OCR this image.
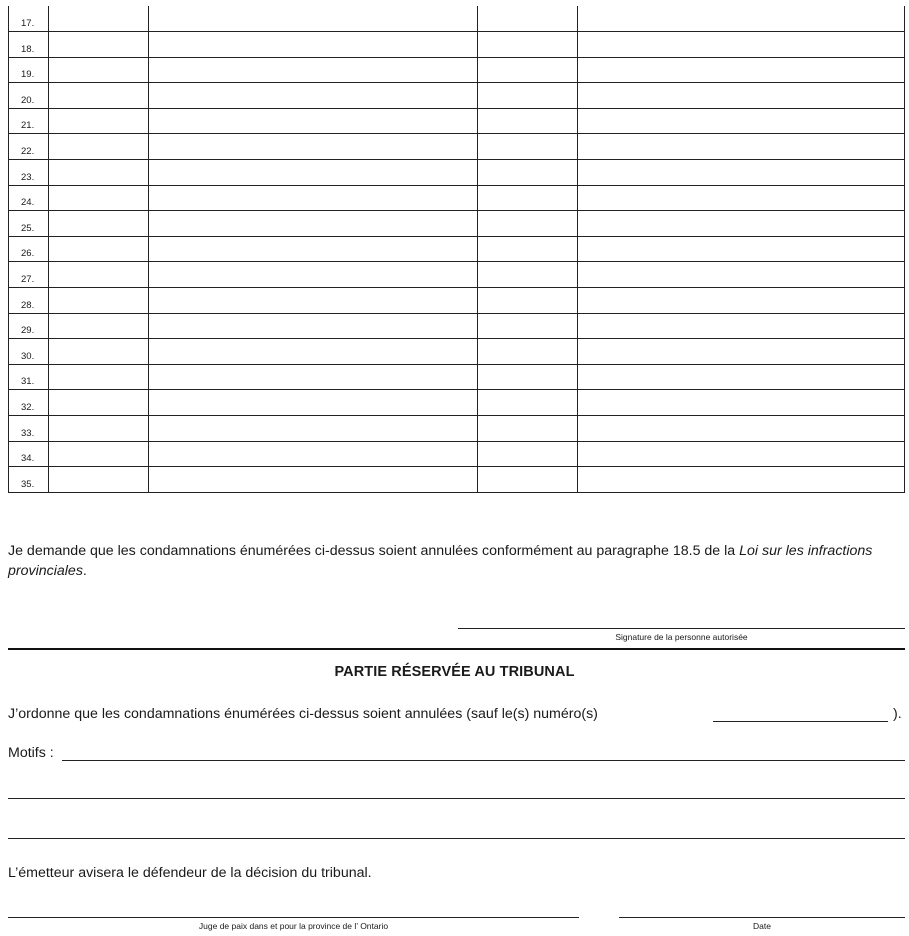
17.				
18.				
19.				
20.				
21.				
22.				
23.				
24.				
25.				
26.				
27.				
28.				
29.				
30.				
31.				
32.				
33.				
34.				
35.				
Je demande que les condamnations énumérées ci-dessus soient annulées conformément au paragraphe 18.5 de la Loi sur les infractions provinciales.
Signature de la personne autorisée
PARTIE RÉSERVÉE AU TRIBUNAL
J’ordonne que les condamnations énumérées ci-dessus soient annulées (sauf le(s) numéro(s)	).
Motifs :
L’émetteur avisera le défendeur de la décision du tribunal.
Juge de paix dans et pour la province de l’ Ontario	Date
